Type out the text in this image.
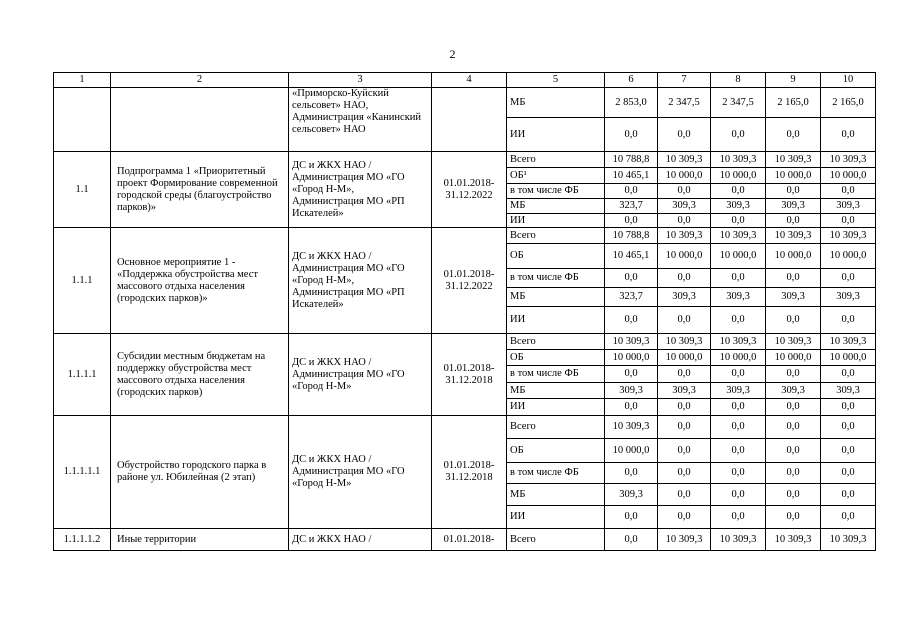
2
1	2	3	4	5	6	7	8	9	10
		«Приморско-Куйский сельсовет» НАО, Администрация «Канинский сельсовет» НАО		МБ	2 853,0	2 347,5	2 347,5	2 165,0	2 165,0
				ИИ	0,0	0,0	0,0	0,0	0,0
1.1	Подпрограмма 1 «Приоритетный проект Формирование современной городской среды (благоустройство парков)»	ДС и ЖКХ НАО / Администрация МО «ГО «Город Н-М», Администрация МО «РП Искателей»	01.01.2018-31.12.2022	Всего	10 788,8	10 309,3	10 309,3	10 309,3	10 309,3
				ОБ¹	10 465,1	10 000,0	10 000,0	10 000,0	10 000,0
				в том числе ФБ	0,0	0,0	0,0	0,0	0,0
				МБ	323,7	309,3	309,3	309,3	309,3
				ИИ	0,0	0,0	0,0	0,0	0,0
1.1.1	Основное мероприятие 1 - «Поддержка обустройства мест массового отдыха населения (городских парков)»	ДС и ЖКХ НАО / Администрация МО «ГО «Город Н-М», Администрация МО «РП Искателей»	01.01.2018-31.12.2022	Всего	10 788,8	10 309,3	10 309,3	10 309,3	10 309,3
				ОБ	10 465,1	10 000,0	10 000,0	10 000,0	10 000,0
				в том числе ФБ	0,0	0,0	0,0	0,0	0,0
				МБ	323,7	309,3	309,3	309,3	309,3
				ИИ	0,0	0,0	0,0	0,0	0,0
1.1.1.1	Субсидии местным бюджетам на поддержку обустройства мест массового отдыха населения (городских парков)	ДС и ЖКХ НАО / Администрация МО «ГО «Город Н-М»	01.01.2018-31.12.2018	Всего	10 309,3	10 309,3	10 309,3	10 309,3	10 309,3
				ОБ	10 000,0	10 000,0	10 000,0	10 000,0	10 000,0
				в том числе ФБ	0,0	0,0	0,0	0,0	0,0
				МБ	309,3	309,3	309,3	309,3	309,3
				ИИ	0,0	0,0	0,0	0,0	0,0
1.1.1.1.1	Обустройство городского парка в районе ул. Юбилейная (2 этап)	ДС и ЖКХ НАО / Администрация МО «ГО «Город Н-М»	01.01.2018-31.12.2018	Всего	10 309,3	0,0	0,0	0,0	0,0
				ОБ	10 000,0	0,0	0,0	0,0	0,0
				в том числе ФБ	0,0	0,0	0,0	0,0	0,0
				МБ	309,3	0,0	0,0	0,0	0,0
				ИИ	0,0	0,0	0,0	0,0	0,0
1.1.1.1.2	Иные территории	ДС и ЖКХ НАО /	01.01.2018-	Всего	0,0	10 309,3	10 309,3	10 309,3	10 309,3
